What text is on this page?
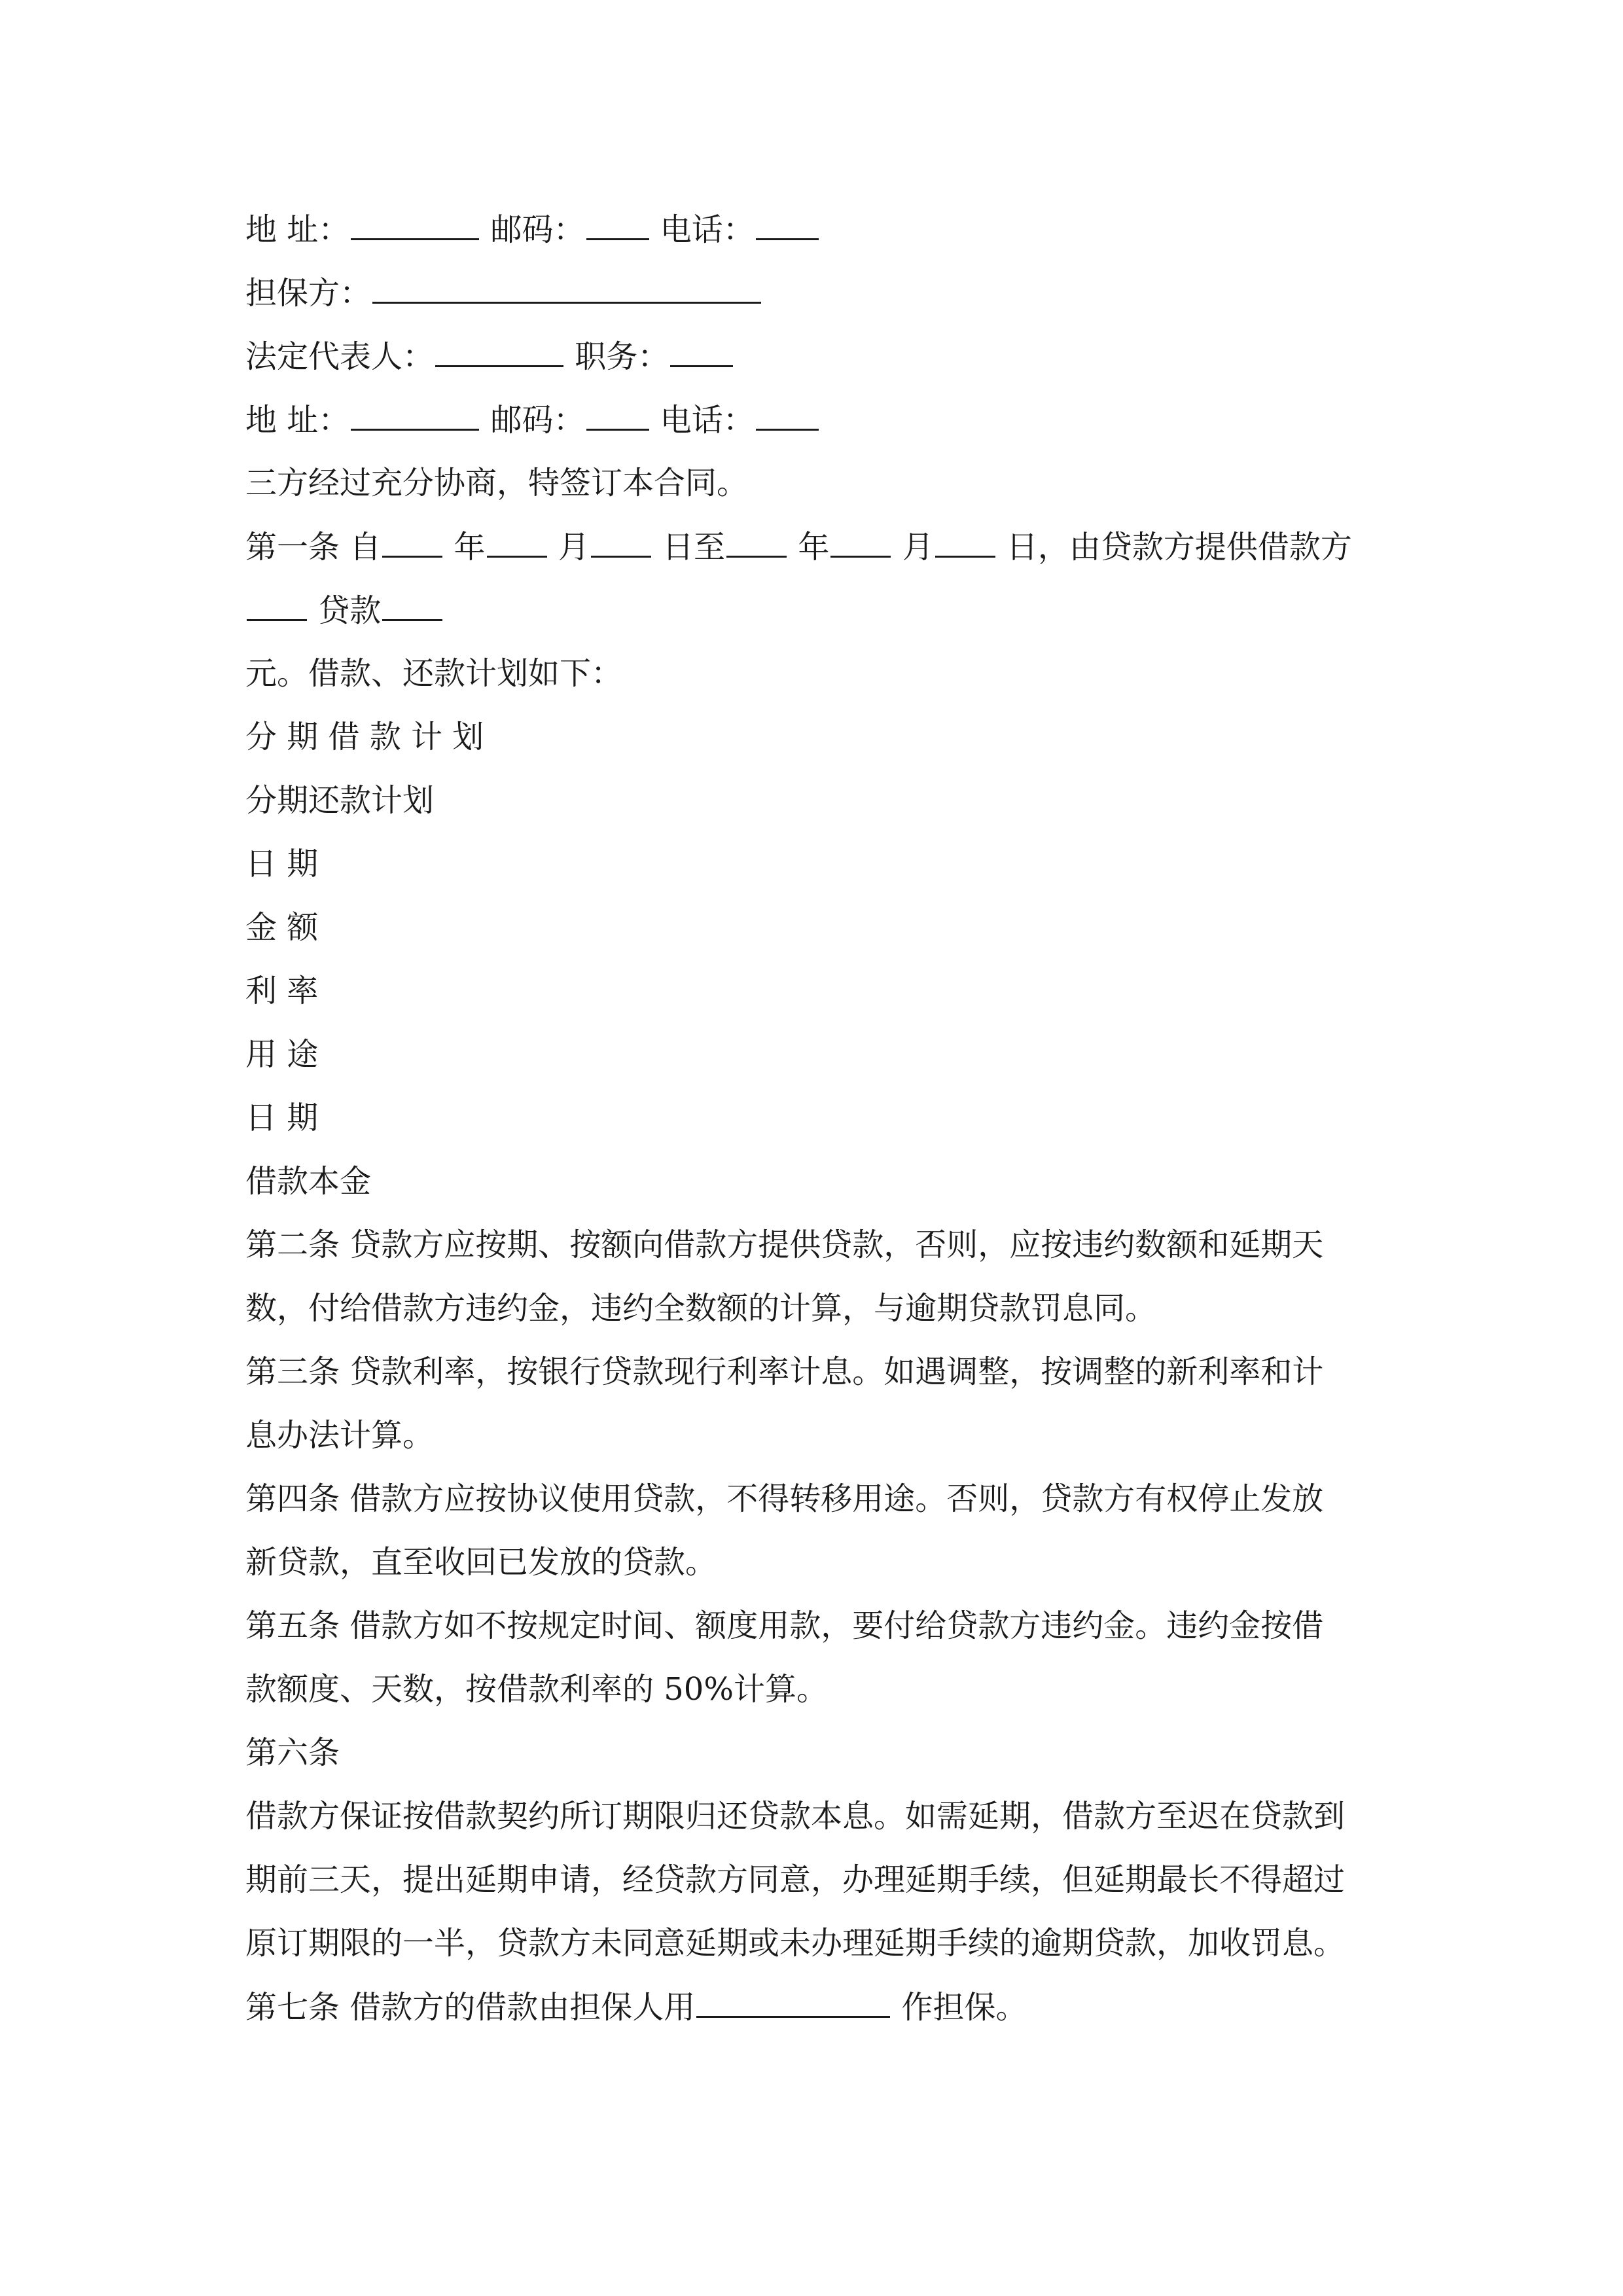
地 址：	邮码： 电话：
担保方：
法定代表人：	职务：
地 址：	邮码： 电话：
三方经过充分协商，特签订本合同。
第一条 自 年 月 日至 年 月 日，由贷款方提供借款方
贷款
元。借款、还款计划如下：
分 期 借 款 计 划
分期还款计划
日 期
金 额
利 率
用 途
日 期
借款本金
第二条 贷款方应按期、按额向借款方提供贷款，否则，应按违约数额和延期天
数，付给借款方违约金，违约全数额的计算，与逾期贷款罚息同。
第三条 贷款利率，按银行贷款现行利率计息。如遇调整，按调整的新利率和计
息办法计算。
第四条 借款方应按协议使用贷款，不得转移用途。否则，贷款方有权停止发放
新贷款，直至收回已发放的贷款。
第五条 借款方如不按规定时间、额度用款，要付给贷款方违约金。违约金按借
款额度、天数，按借款利率的 50%计算。
第六条
借款方保证按借款契约所订期限归还贷款本息。如需延期，借款方至迟在贷款到
期前三天，提出延期申请，经贷款方同意，办理延期手续，但延期最长不得超过
原订期限的一半，贷款方未同意延期或未办理延期手续的逾期贷款，加收罚息。
第七条 借款方的借款由担保人用	作担保。
